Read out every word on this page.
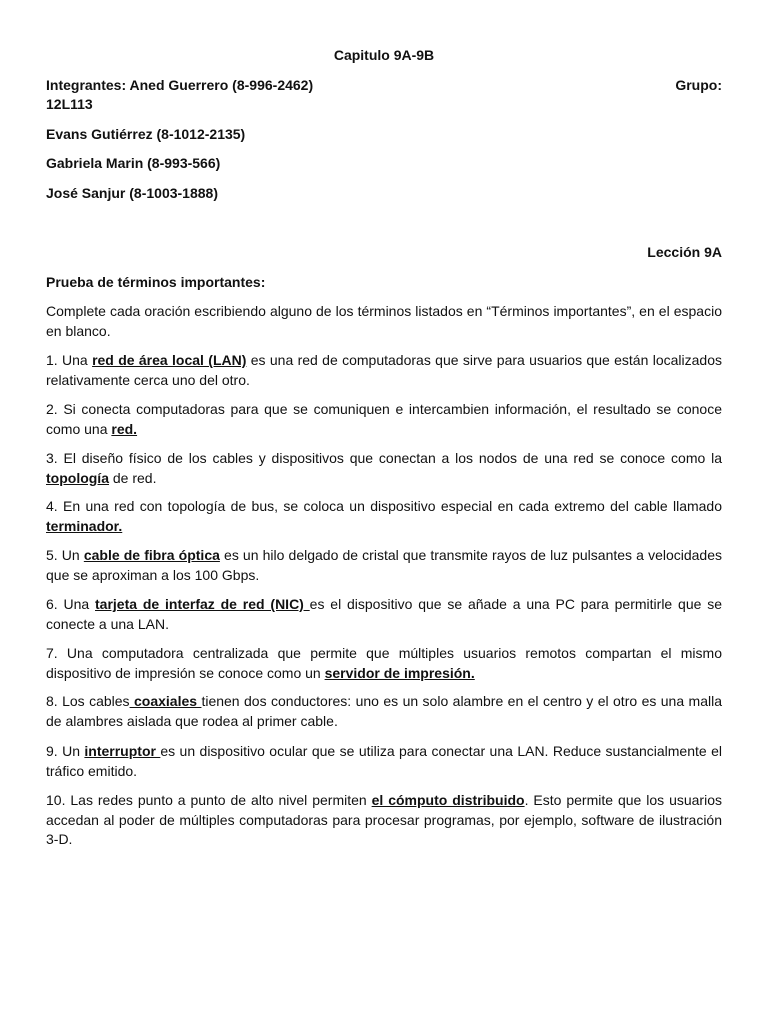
Capitulo 9A-9B
Integrantes: Aned Guerrero (8-996-2462)	Grupo:
12L113
Evans Gutiérrez (8-1012-2135)
Gabriela Marin (8-993-566)
José Sanjur (8-1003-1888)
Lección 9A
Prueba de términos importantes:
Complete cada oración escribiendo alguno de los términos listados en “Términos importantes”, en el espacio en blanco.
1. Una red de área local (LAN) es una red de computadoras que sirve para usuarios que están localizados relativamente cerca uno del otro.
2. Si conecta computadoras para que se comuniquen e intercambien información, el resultado se conoce como una red.
3. El diseño físico de los cables y dispositivos que conectan a los nodos de una red se conoce como la topología de red.
4. En una red con topología de bus, se coloca un dispositivo especial en cada extremo del cable llamado terminador.
5. Un cable de fibra óptica es un hilo delgado de cristal que transmite rayos de luz pulsantes a velocidades que se aproximan a los 100 Gbps.
6. Una tarjeta de interfaz de red (NIC) es el dispositivo que se añade a una PC para permitirle que se conecte a una LAN.
7. Una computadora centralizada que permite que múltiples usuarios remotos compartan el mismo dispositivo de impresión se conoce como un servidor de impresión.
8. Los cables coaxiales tienen dos conductores: uno es un solo alambre en el centro y el otro es una malla de alambres aislada que rodea al primer cable.
9. Un interruptor es un dispositivo ocular que se utiliza para conectar una LAN. Reduce sustancialmente el tráfico emitido.
10. Las redes punto a punto de alto nivel permiten el cómputo distribuido. Esto permite que los usuarios accedan al poder de múltiples computadoras para procesar programas, por ejemplo, software de ilustración 3-D.
